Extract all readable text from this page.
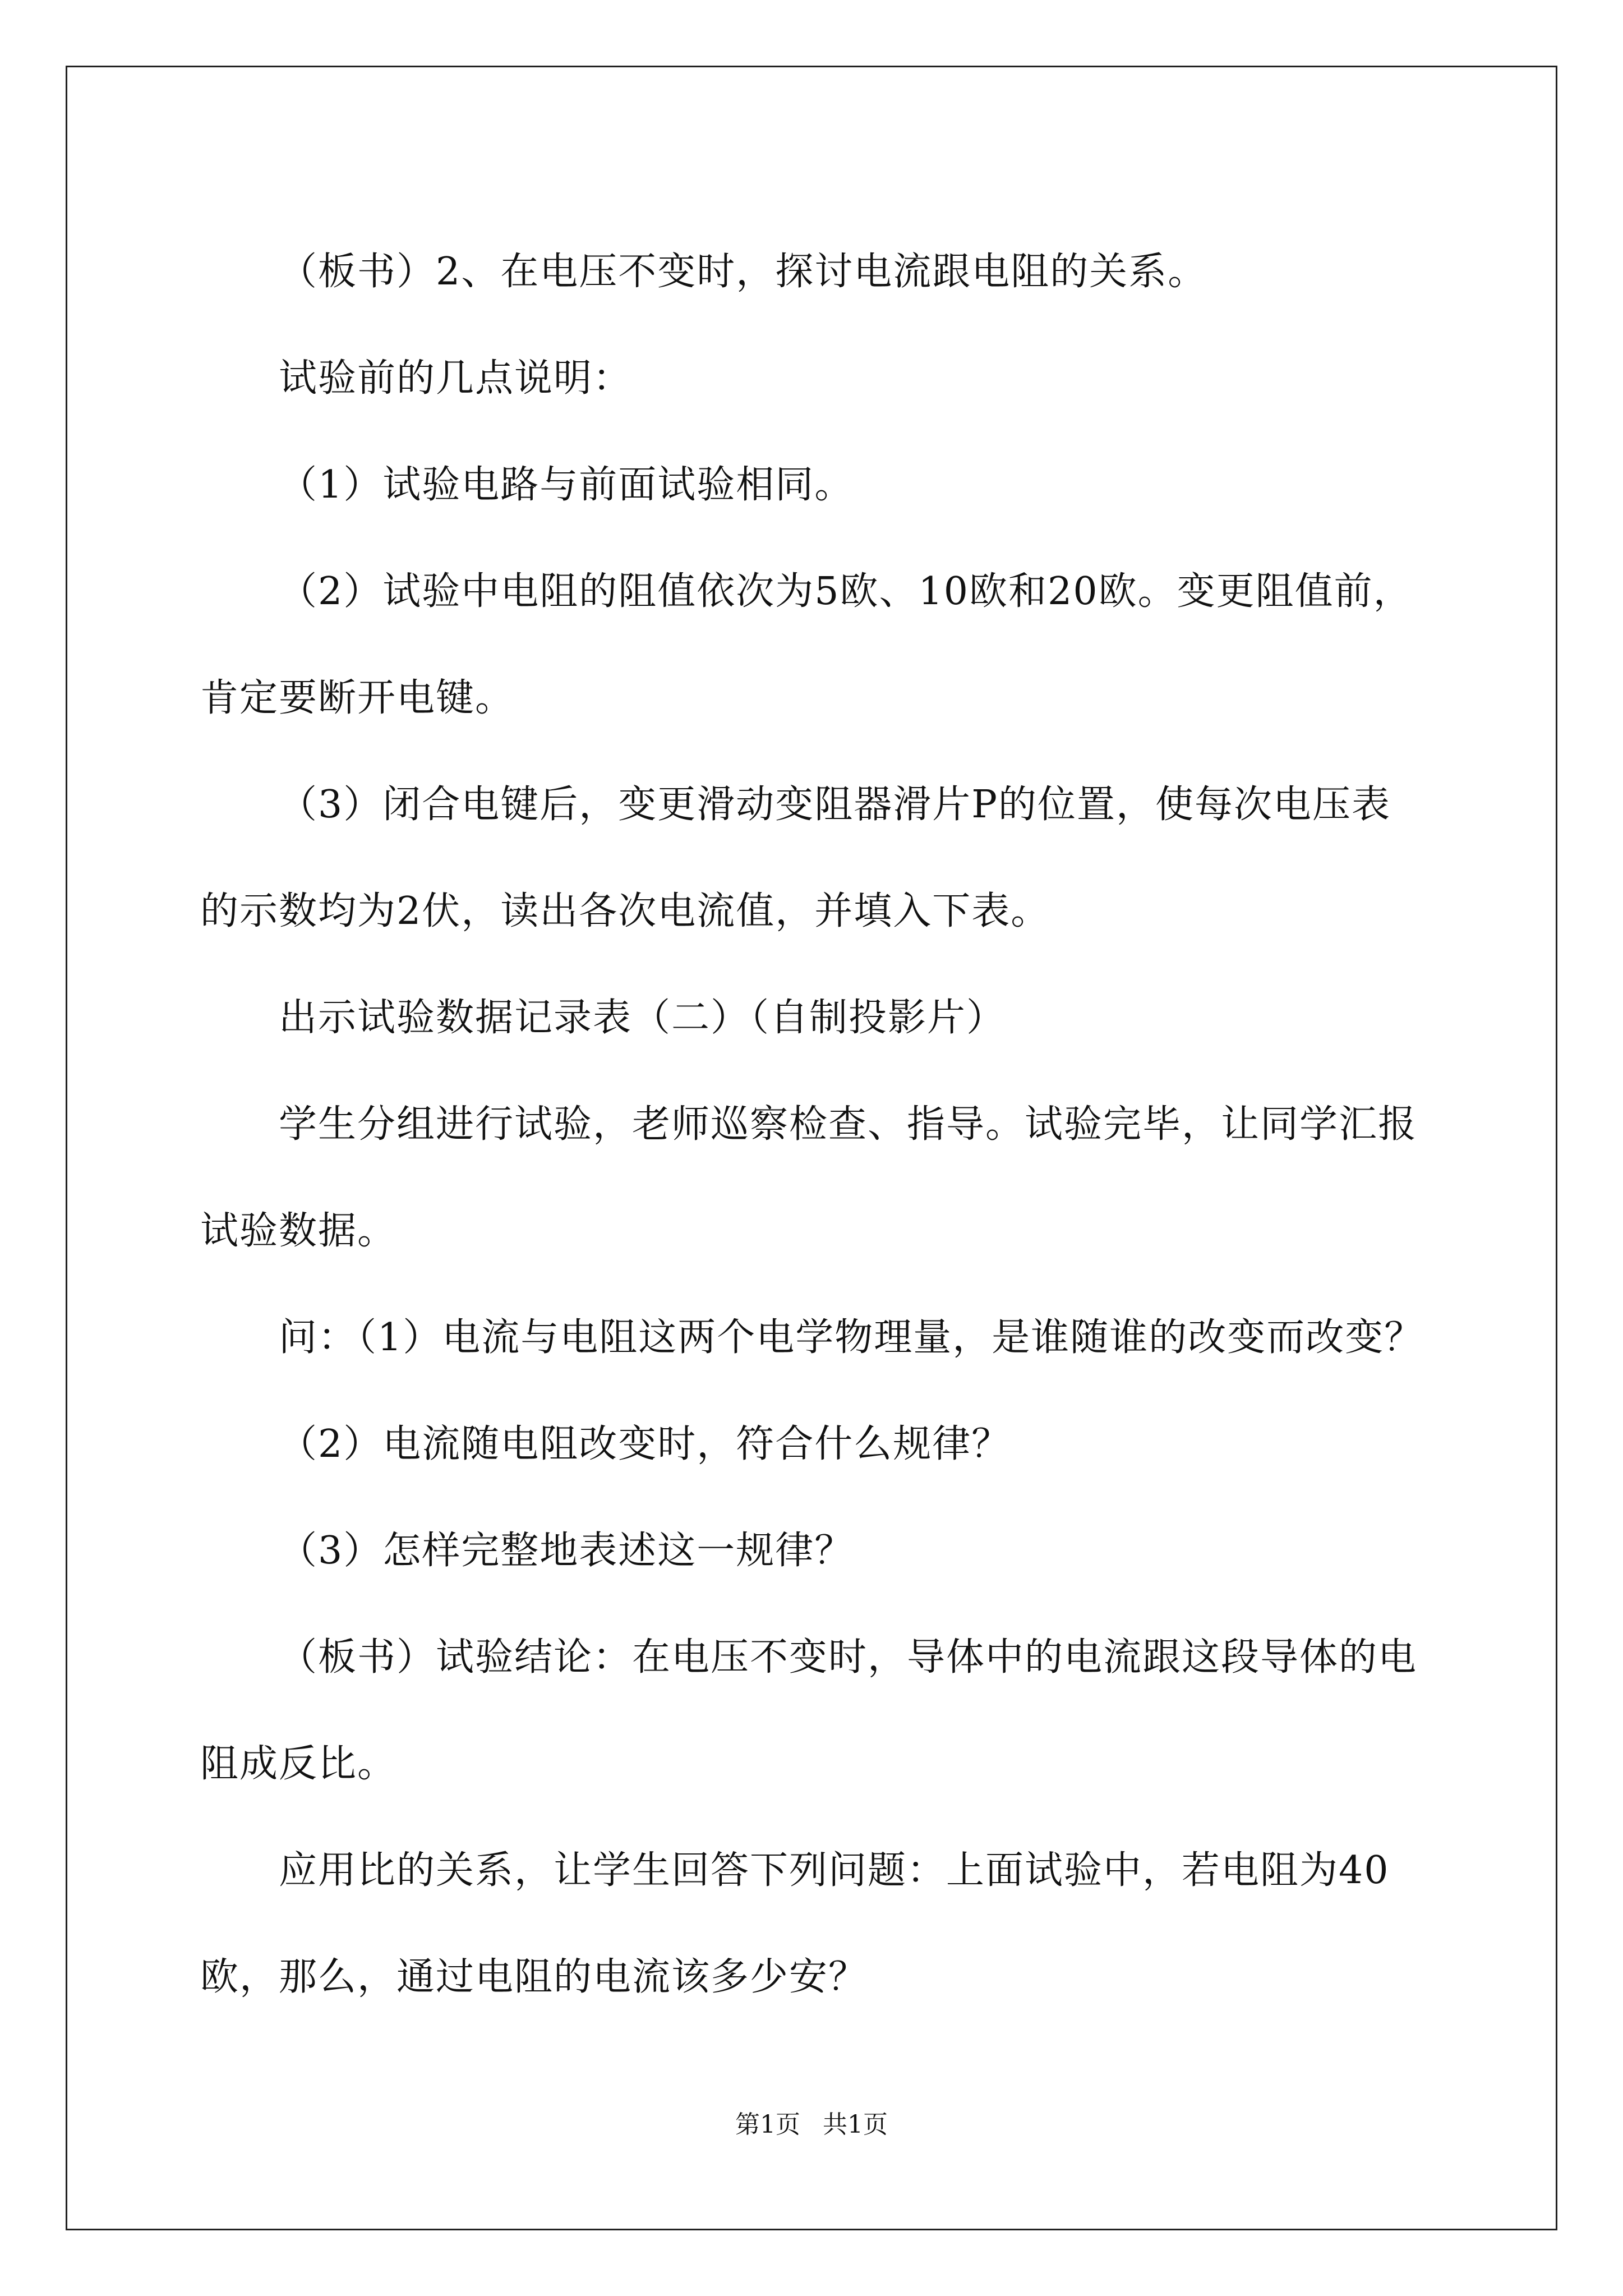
（板书）2、在电压不变时，探讨电流跟电阻的关系。

试验前的几点说明：

（1）试验电路与前面试验相同。

（2）试验中电阻的阻值依次为5欧、10欧和20欧。变更阻值前，肯定要断开电键。

（3）闭合电键后，变更滑动变阻器滑片P的位置，使每次电压表的示数均为2伏，读出各次电流值，并填入下表。

出示试验数据记录表（二）（自制投影片）

学生分组进行试验，老师巡察检查、指导。试验完毕，让同学汇报试验数据。

问：（1）电流与电阻这两个电学物理量，是谁随谁的改变而改变？

（2）电流随电阻改变时，符合什么规律？

（3）怎样完整地表述这一规律？

（板书）试验结论：在电压不变时，导体中的电流跟这段导体的电阻成反比。

应用比的关系，让学生回答下列问题：上面试验中，若电阻为40欧，那么，通过电阻的电流该多少安？

第1页 共1页
